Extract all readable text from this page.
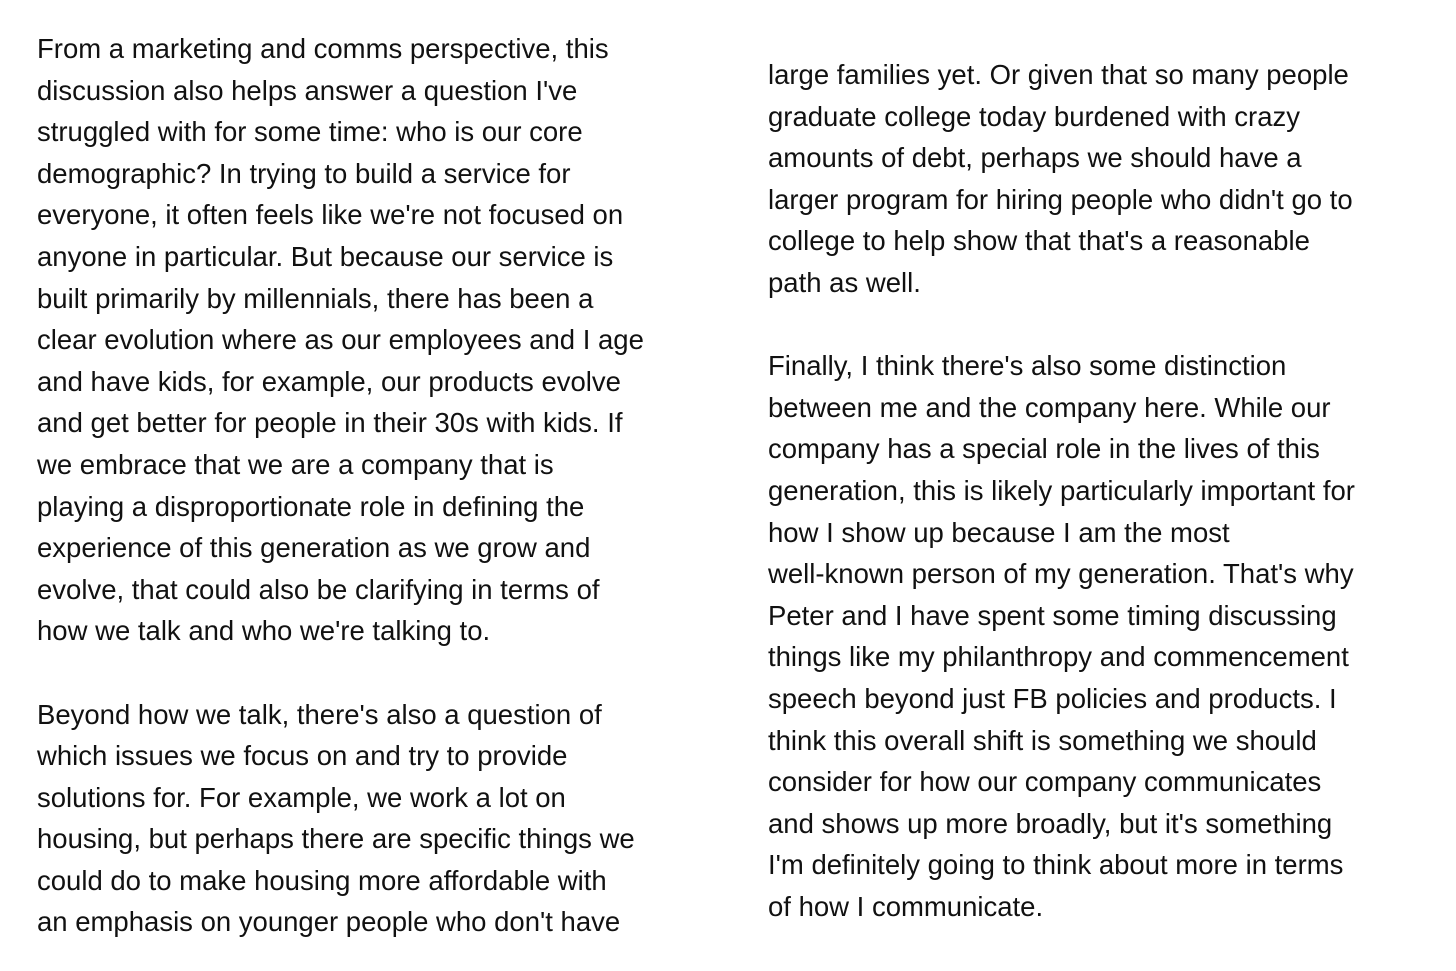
From a marketing and comms perspective, this
discussion also helps answer a question I've
struggled with for some time: who is our core
demographic? In trying to build a service for
everyone, it often feels like we're not focused on
anyone in particular. But because our service is
built primarily by millennials, there has been a
clear evolution where as our employees and I age
and have kids, for example, our products evolve
and get better for people in their 30s with kids. If
we embrace that we are a company that is
playing a disproportionate role in defining the
experience of this generation as we grow and
evolve, that could also be clarifying in terms of
how we talk and who we're talking to.
Beyond how we talk, there's also a question of
which issues we focus on and try to provide
solutions for. For example, we work a lot on
housing, but perhaps there are specific things we
could do to make housing more affordable with
an emphasis on younger people who don't have
large families yet. Or given that so many people
graduate college today burdened with crazy
amounts of debt, perhaps we should have a
larger program for hiring people who didn't go to
college to help show that that's a reasonable
path as well.
Finally, I think there's also some distinction
between me and the company here. While our
company has a special role in the lives of this
generation, this is likely particularly important for
how I show up because I am the most
well-known person of my generation. That's why
Peter and I have spent some timing discussing
things like my philanthropy and commencement
speech beyond just FB policies and products. I
think this overall shift is something we should
consider for how our company communicates
and shows up more broadly, but it's something
I'm definitely going to think about more in terms
of how I communicate.
